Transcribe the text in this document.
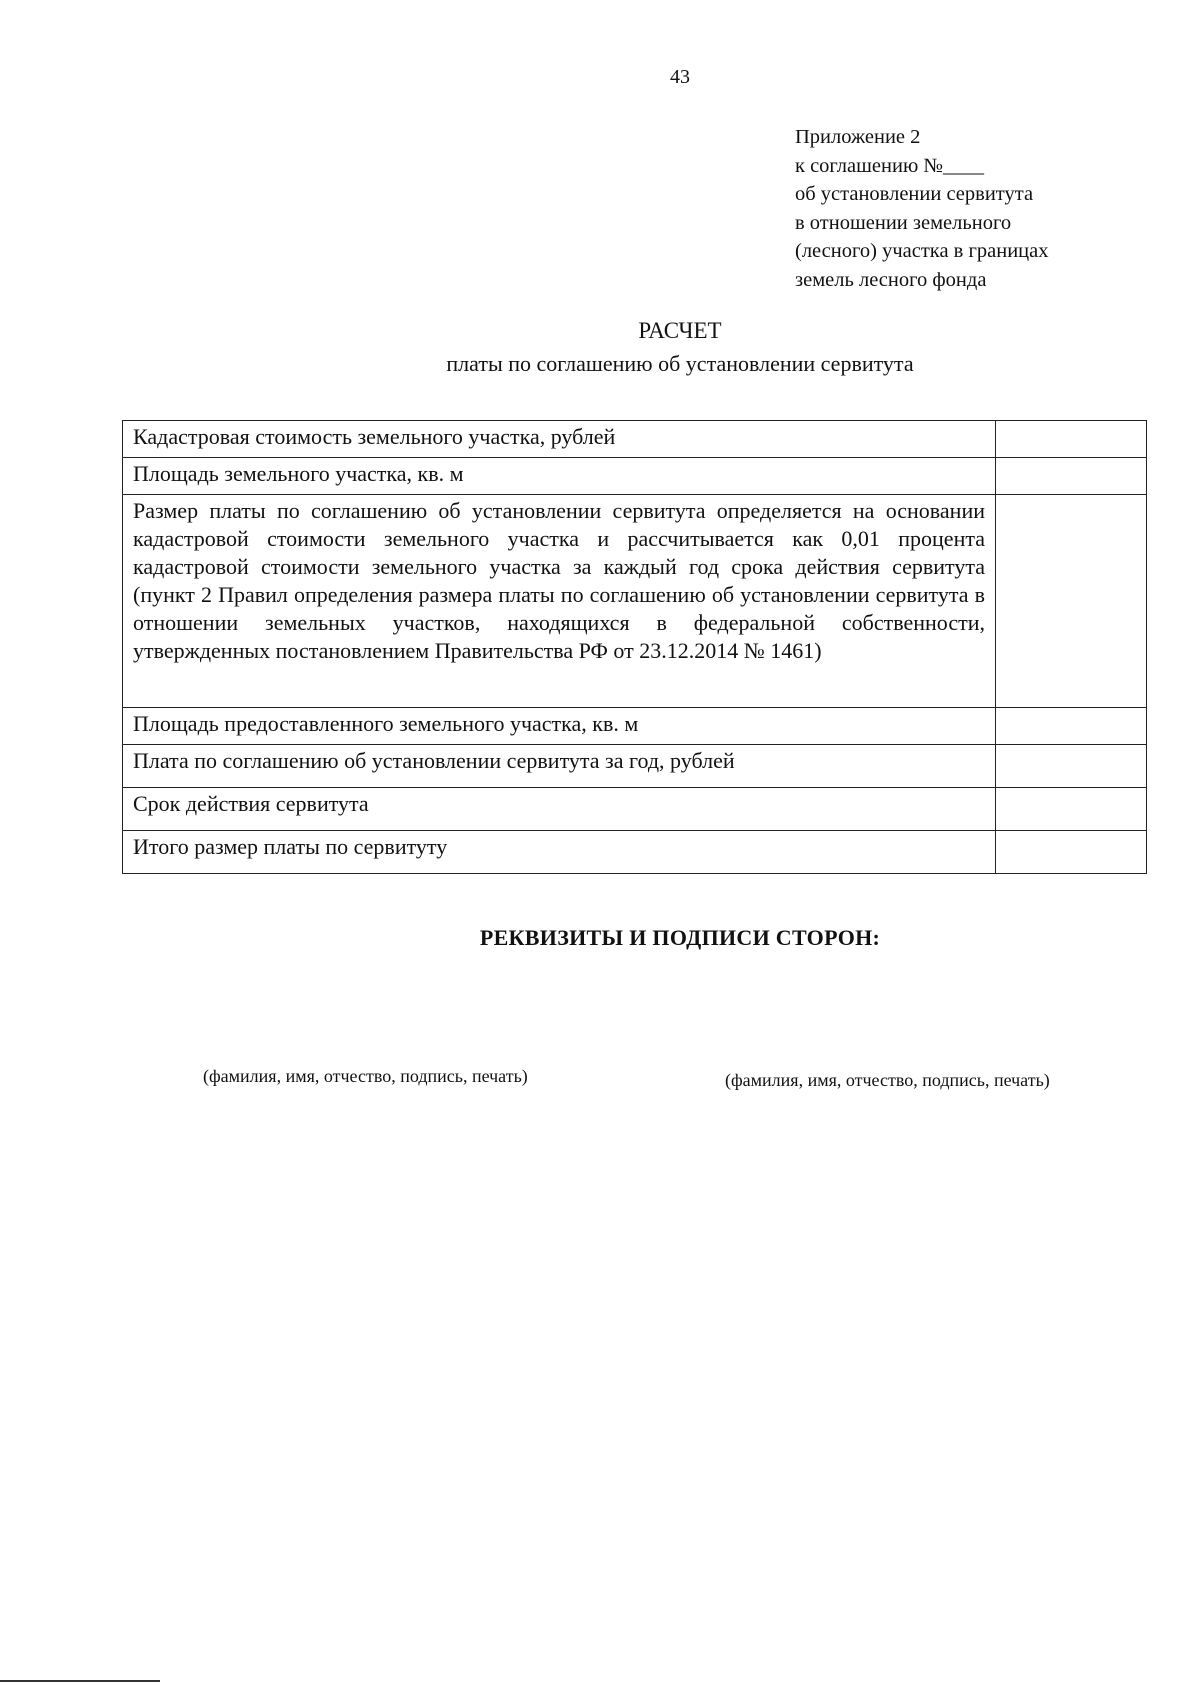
43
Приложение 2
к соглашению №____
об установлении сервитута
в отношении земельного
(лесного) участка в границах
земель лесного фонда
РАСЧЕТ
платы по соглашению об установлении сервитута
Кадастровая стоимость земельного участка, рублей	
Площадь земельного участка, кв. м	
Размер платы по соглашению об установлении сервитута определяется на основании кадастровой стоимости земельного участка и рассчитывается как 0,01 процента кадастровой стоимости земельного участка за каждый год срока действия сервитута (пункт 2 Правил определения размера платы по соглашению об установлении сервитута в отношении земельных участков, находящихся в федеральной собственности, утвержденных постановлением Правительства РФ от 23.12.2014 № 1461)	
Площадь предоставленного земельного участка, кв. м	
Плата по соглашению об установлении сервитута за год, рублей	
Срок действия сервитута	
Итого размер платы по сервитуту	
РЕКВИЗИТЫ И ПОДПИСИ СТОРОН:
(фамилия, имя, отчество, подпись, печать)	(фамилия, имя, отчество, подпись, печать)
